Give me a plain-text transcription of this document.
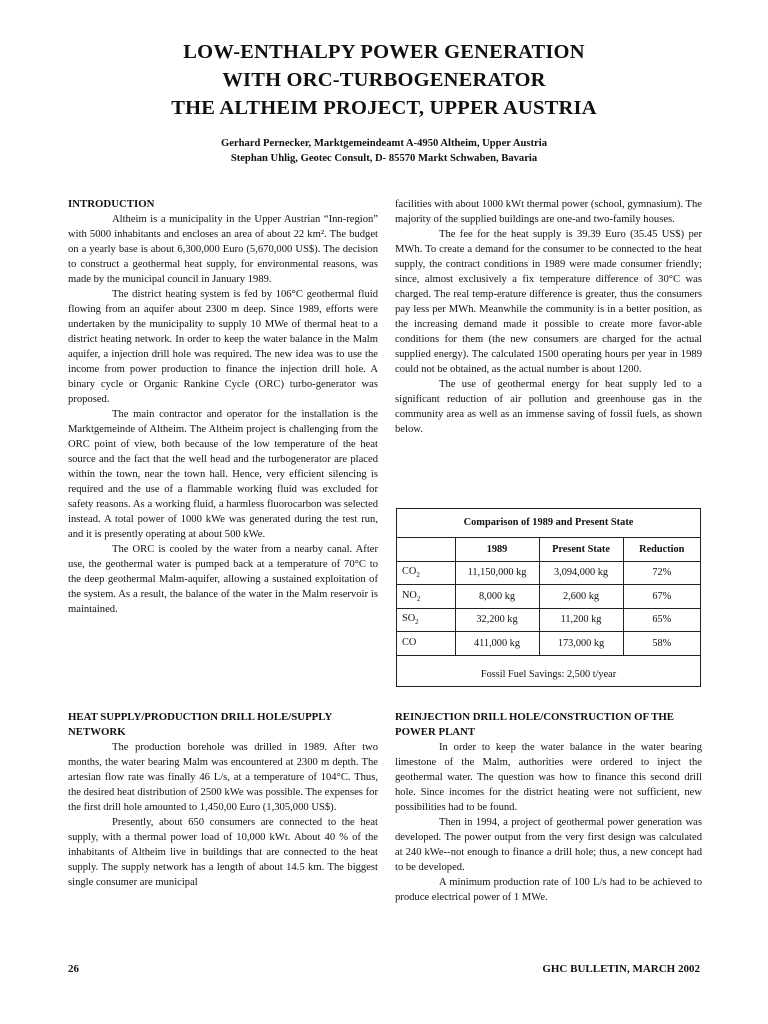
LOW-ENTHALPY POWER GENERATION
WITH ORC-TURBOGENERATOR
THE ALTHEIM PROJECT, UPPER AUSTRIA
Gerhard Pernecker, Marktgemeindeamt A-4950 Altheim, Upper Austria
Stephan Uhlig, Geotec Consult, D- 85570 Markt Schwaben, Bavaria
INTRODUCTION

Altheim is a municipality in the Upper Austrian “Inn-region” with 5000 inhabitants and encloses an area of about 22 km². The budget on a yearly base is about 6,300,000 Euro (5,670,000 US$). The decision to construct a geothermal heat supply, for environmental reasons, was made by the municipal council in January 1989.

The district heating system is fed by 106°C geothermal fluid flowing from an aquifer about 2300 m deep. Since 1989, efforts were undertaken by the municipality to supply 10 MWe of thermal heat to a district heating network. In order to keep the water balance in the Malm aquifer, a injection drill hole was required. The new idea was to use the income from power production to finance the injection drill hole. A binary cycle or Organic Rankine Cycle (ORC) turbo-generator was proposed.

The main contractor and operator for the installation is the Marktgemeinde of Altheim. The Altheim project is challenging from the ORC point of view, both because of the low temperature of the heat source and the fact that the well head and the turbogenerator are placed within the town, near the town hall. Hence, very efficient silencing is required and the use of a flammable working fluid was excluded for safety reasons. As a working fluid, a harmless fluorocarbon was selected instead. A total power of 1000 kWe was generated during the test run, and it is presently operating at about 500 kWe.

The ORC is cooled by the water from a nearby canal. After use, the geothermal water is pumped back at a temperature of 70°C to the deep geothermal Malm-aquifer, allowing a sustained exploitation of the system. As a result, the balance of the water in the Malm reservoir is maintained.

facilities with about 1000 kWt thermal power (school, gymnasium). The majority of the supplied buildings are one-and two-family houses.

The fee for the heat supply is 39.39 Euro (35.45 US$) per MWh. To create a demand for the consumer to be connected to the heat supply, the contract conditions in 1989 were made consumer friendly; since, almost exclusively a fix temperature difference of 30°C was charged. The real temp-erature difference is greater, thus the consumers pay less per MWh. Meanwhile the community is in a better position, as the increasing demand made it possible to create more favor-able conditions for them (the new consumers are charged for the actual supplied energy). The calculated 1500 operating hours per year in 1989 could not be obtained, as the actual number is about 1200.

The use of geothermal energy for heat supply led to a significant reduction of air pollution and greenhouse gas in the community area as well as an immense saving of fossil fuels, as shown below.

Comparison of 1989 and Present State
	1989	Present State	Reduction
$CO_2$	11,150,000 kg	3,094,000 kg	72%
$NO_2$	8,000 kg	2,600 kg	67%
$SO_2$	32,200 kg	11,200 kg	65%
CO	411,000 kg	173,000 kg	58%
Fossil Fuel Savings: 2,500 t/year
HEAT SUPPLY/PRODUCTION DRILL HOLE/SUPPLY NETWORK

The production borehole was drilled in 1989. After two months, the water bearing Malm was encountered at 2300 m depth. The artesian flow rate was finally 46 L/s, at a temperature of 104°C. Thus, the desired heat distribution of 2500 kWe was possible. The expenses for the first drill hole amounted to 1,450,00 Euro (1,305,000 US$).

Presently, about 650 consumers are connected to the heat supply, with a thermal power load of 10,000 kWt. About 40 % of the inhabitants of Altheim live in buildings that are connected to the heat supply. The supply network has a length of about 14.5 km. The biggest single consumer are municipal

REINJECTION DRILL HOLE/CONSTRUCTION OF THE POWER PLANT

In order to keep the water balance in the water bearing limestone of the Malm, authorities were ordered to inject the geothermal water. The question was how to finance this second drill hole. Since incomes for the district heating were not sufficient, new possibilities had to be found.

Then in 1994, a project of geothermal power generation was developed. The power output from the very first design was calculated at 240 kWe--not enough to finance a drill hole; thus, a new concept had to be developed.

A minimum production rate of 100 L/s had to be achieved to produce electrical power of 1 MWe.

26	GHC BULLETIN, MARCH 2002
